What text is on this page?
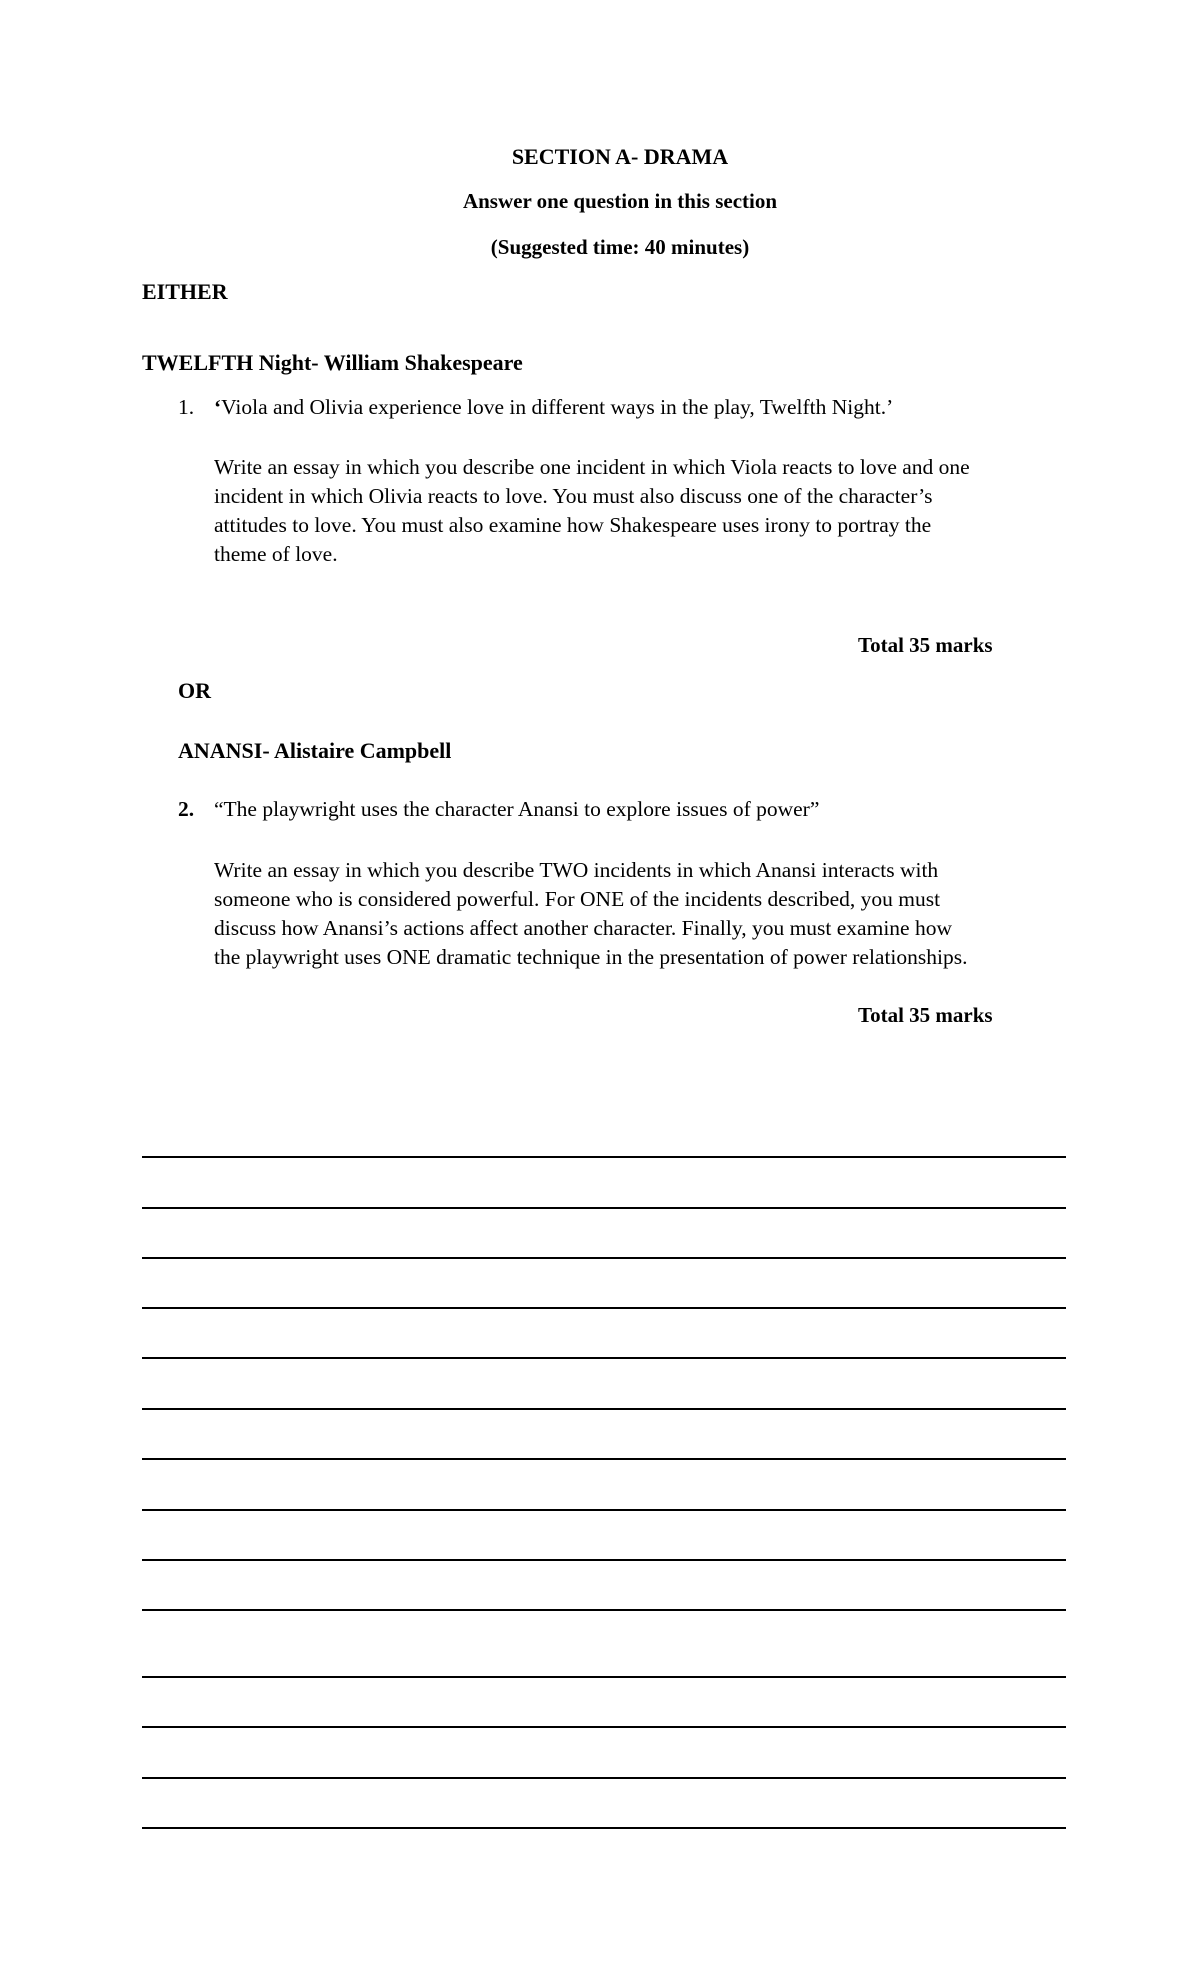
SECTION A- DRAMA
Answer one question in this section
(Suggested time: 40 minutes)
EITHER
TWELFTH Night- William Shakespeare
1. ‘Viola and Olivia experience love in different ways in the play, Twelfth Night.’
Write an essay in which you describe one incident in which Viola reacts to love and one
incident in which Olivia reacts to love. You must also discuss one of the character’s
attitudes to love. You must also examine how Shakespeare uses irony to portray the
theme of love.
Total 35 marks
OR
ANANSI- Alistaire Campbell
2. “The playwright uses the character Anansi to explore issues of power”
Write an essay in which you describe TWO incidents in which Anansi interacts with
someone who is considered powerful. For ONE of the incidents described, you must
discuss how Anansi’s actions affect another character. Finally, you must examine how
the playwright uses ONE dramatic technique in the presentation of power relationships.
Total 35 marks
